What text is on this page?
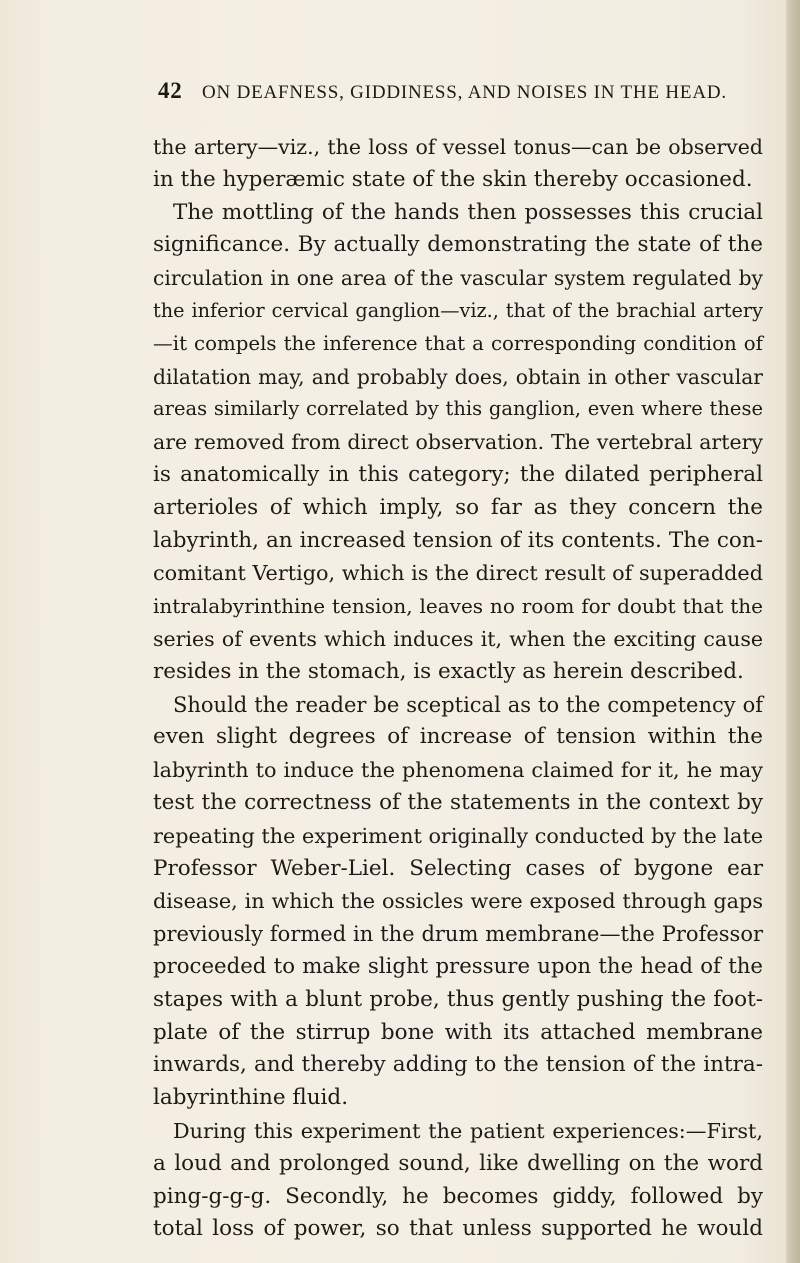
42 ON DEAFNESS, GIDDINESS, AND NOISES IN THE HEAD.
the artery—viz., the loss of vessel tonus—can be observed
in the hyperæmic state of the skin thereby occasioned.
The mottling of the hands then possesses this crucial
significance. By actually demonstrating the state of the
circulation in one area of the vascular system regulated by
the inferior cervical ganglion—viz., that of the brachial artery
—it compels the inference that a corresponding condition of
dilatation may, and probably does, obtain in other vascular
areas similarly correlated by this ganglion, even where these
are removed from direct observation. The vertebral artery
is anatomically in this category; the dilated peripheral
arterioles of which imply, so far as they concern the
labyrinth, an increased tension of its contents. The con-
comitant Vertigo, which is the direct result of superadded
intralabyrinthine tension, leaves no room for doubt that the
series of events which induces it, when the exciting cause
resides in the stomach, is exactly as herein described.
Should the reader be sceptical as to the competency of
even slight degrees of increase of tension within the
labyrinth to induce the phenomena claimed for it, he may
test the correctness of the statements in the context by
repeating the experiment originally conducted by the late
Professor Weber-Liel. Selecting cases of bygone ear
disease, in which the ossicles were exposed through gaps
previously formed in the drum membrane—the Professor
proceeded to make slight pressure upon the head of the
stapes with a blunt probe, thus gently pushing the foot-
plate of the stirrup bone with its attached membrane
inwards, and thereby adding to the tension of the intra-
labyrinthine fluid.
During this experiment the patient experiences:—First,
a loud and prolonged sound, like dwelling on the word
ping-g-g-g. Secondly, he becomes giddy, followed by
total loss of power, so that unless supported he would
